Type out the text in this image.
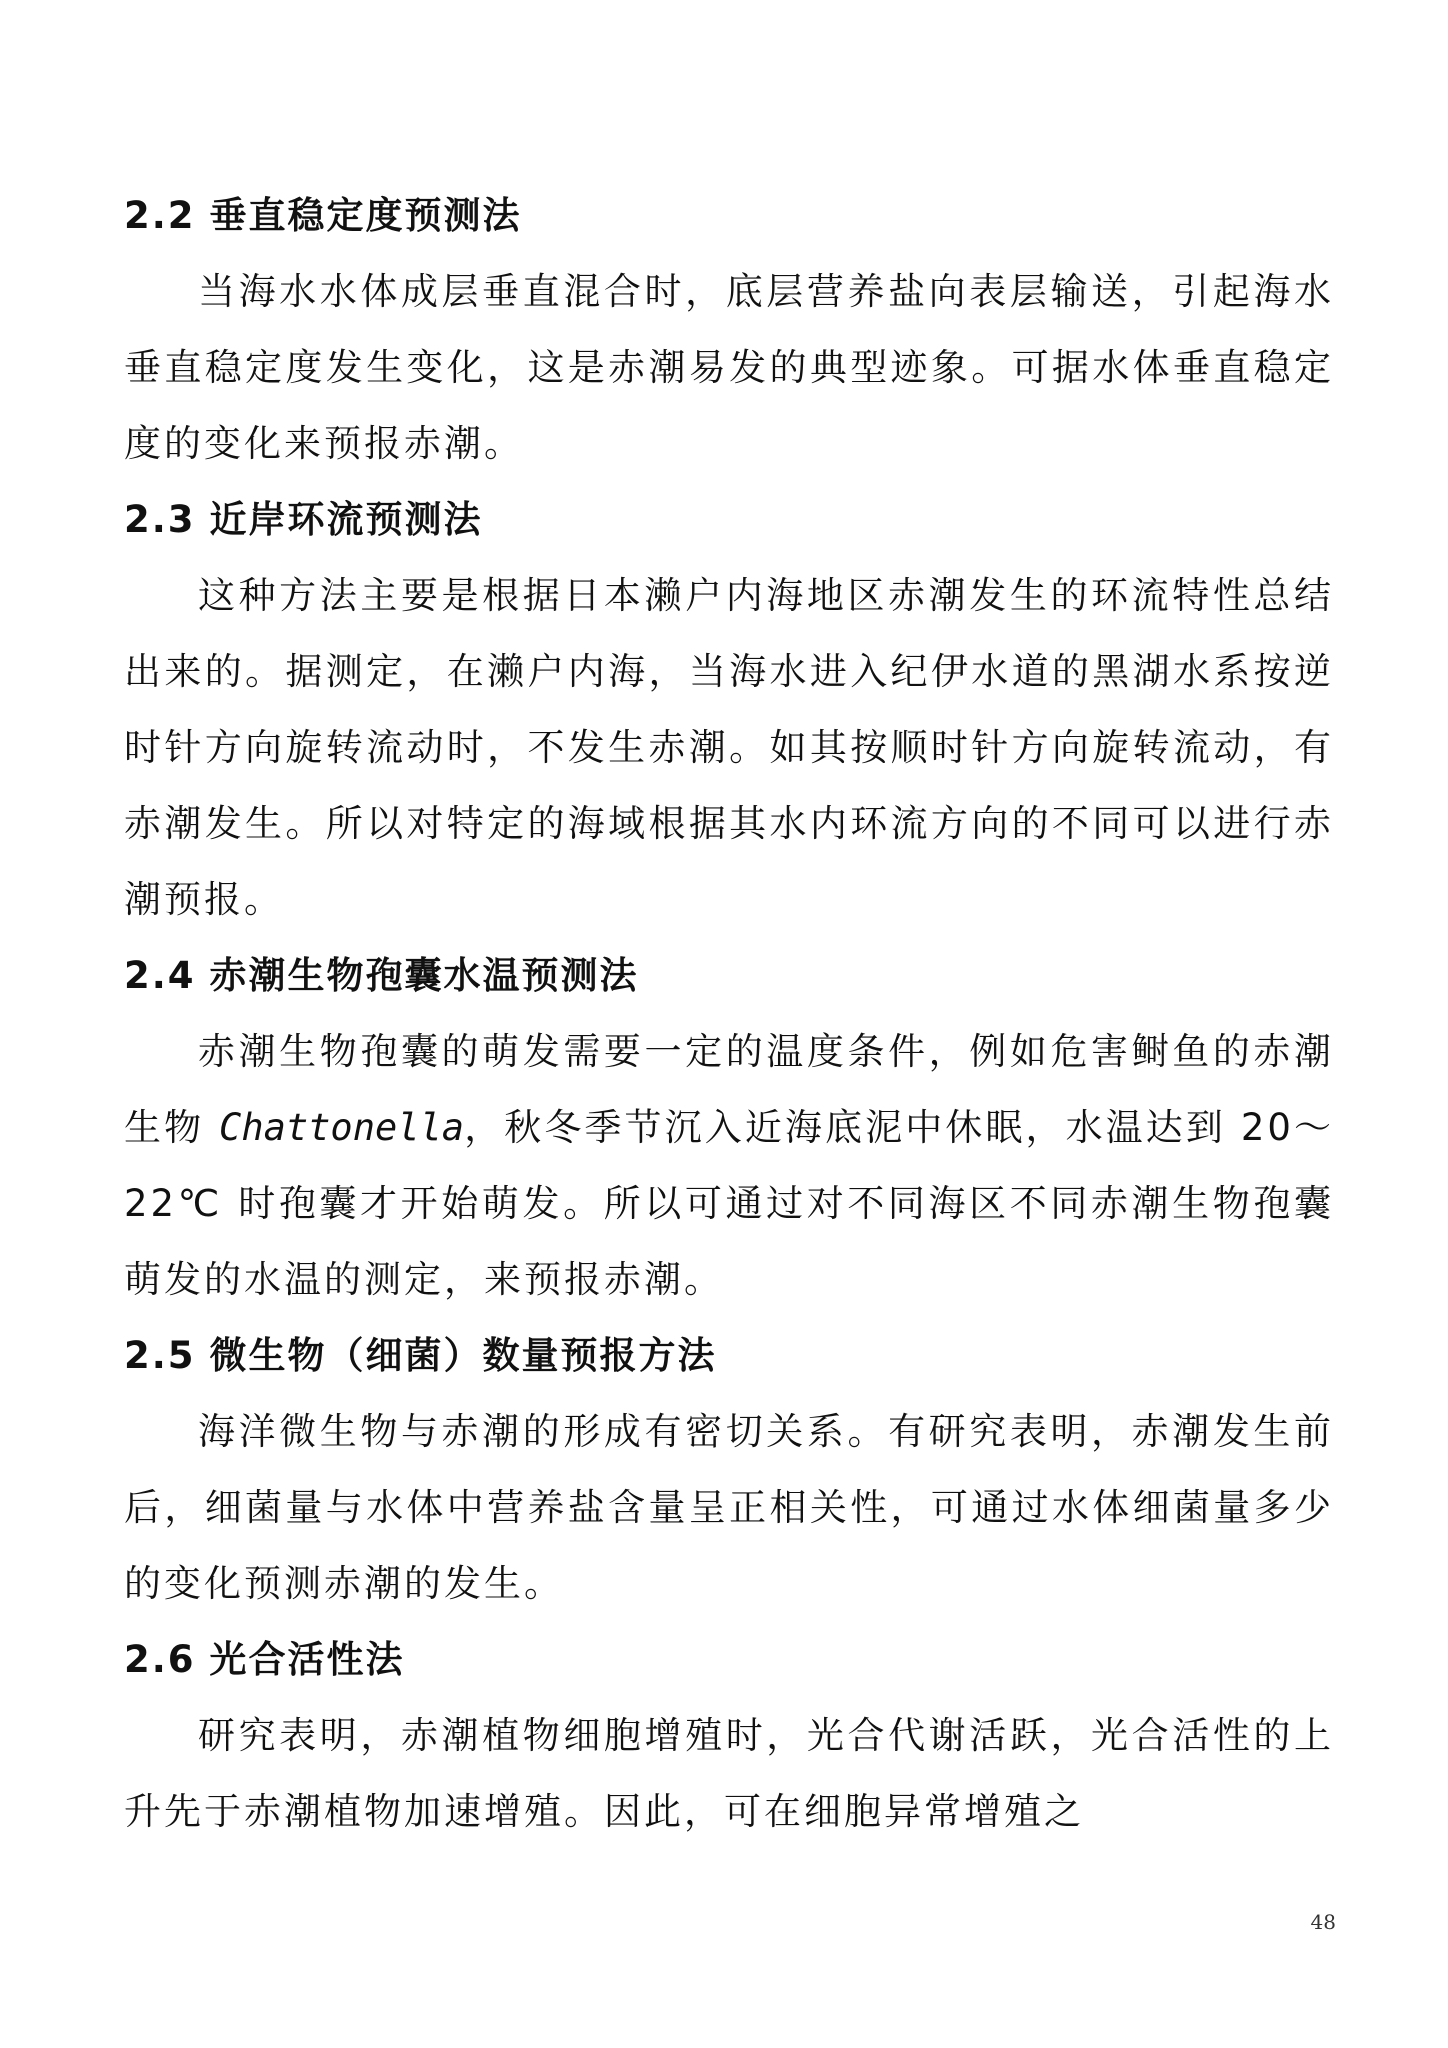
2.2 垂直稳定度预测法

当海水水体成层垂直混合时，底层营养盐向表层输送，引起海水垂直稳定度发生变化，这是赤潮易发的典型迹象。可据水体垂直稳定度的变化来预报赤潮。

2.3 近岸环流预测法

这种方法主要是根据日本濑户内海地区赤潮发生的环流特性总结出来的。据测定，在濑户内海，当海水进入纪伊水道的黑湖水系按逆时针方向旋转流动时，不发生赤潮。如其按顺时针方向旋转流动，有赤潮发生。所以对特定的海域根据其水内环流方向的不同可以进行赤潮预报。

2.4 赤潮生物孢囊水温预测法

赤潮生物孢囊的萌发需要一定的温度条件，例如危害鲥鱼的赤潮生物 Chattonella，秋冬季节沉入近海底泥中休眠，水温达到 20～22℃ 时孢囊才开始萌发。所以可通过对不同海区不同赤潮生物孢囊萌发的水温的测定，来预报赤潮。

2.5 微生物（细菌）数量预报方法

海洋微生物与赤潮的形成有密切关系。有研究表明，赤潮发生前后，细菌量与水体中营养盐含量呈正相关性，可通过水体细菌量多少的变化预测赤潮的发生。

2.6 光合活性法

研究表明，赤潮植物细胞增殖时，光合代谢活跃，光合活性的上升先于赤潮植物加速增殖。因此，可在细胞异常增殖之

48
